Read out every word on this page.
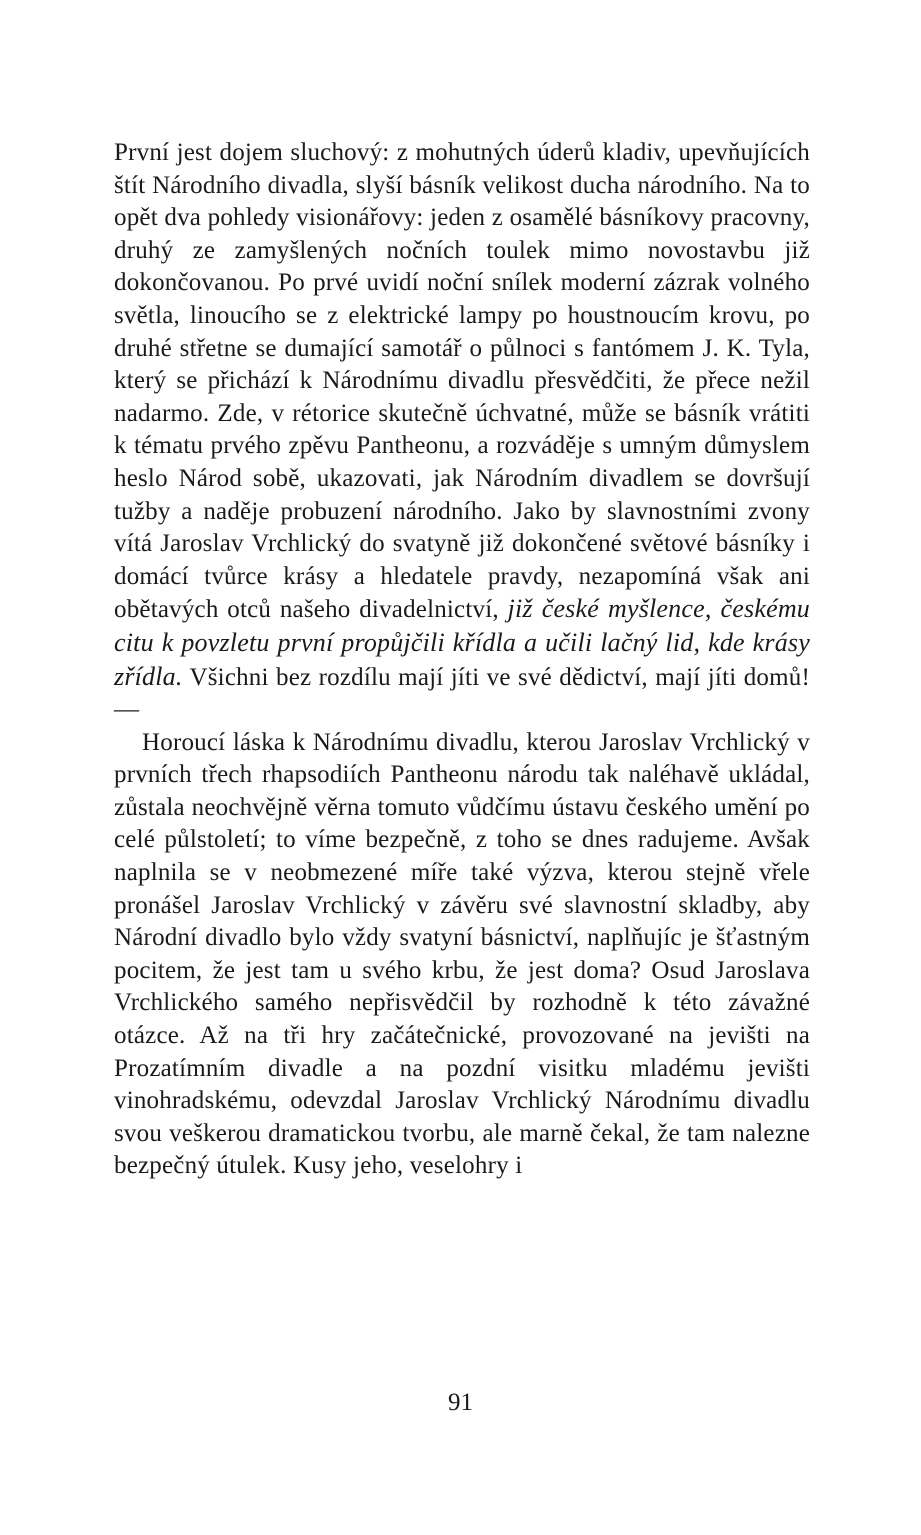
První jest dojem sluchový: z mohutných úderů kladiv, upevňujících štít Národního divadla, slyší básník velikost ducha národního. Na to opět dva pohledy visionářovy: jeden z osamělé básníkovy pracovny, druhý ze zamyšlených nočních toulek mimo novostavbu již dokončovanou. Po prvé uvidí noční snílek moderní zázrak volného světla, linoucího se z elektrické lampy po houstnoucím krovu, po druhé střetne se dumající samotář o půlnoci s fantómem J. K. Tyla, který se přichází k Národnímu divadlu přesvědčiti, že přece nežil nadarmo. Zde, v rétorice skutečně úchvatné, může se básník vrátiti k tématu prvého zpěvu Pantheonu, a rozváděje s umným důmyslem heslo Národ sobě, ukazovati, jak Národním divadlem se dovršují tužby a naděje probuzení národního. Jako by slavnostními zvony vítá Jaroslav Vrchlický do svatyně již dokončené světové básníky i domácí tvůrce krásy a hledatele pravdy, nezapomíná však ani obětavých otců našeho divadelnictví, již české myšlence, českému citu k povzletu první propůjčili křídla a učili lačný lid, kde krásy zřídla. Všichni bez rozdílu mají jíti ve své dědictví, mají jíti domů! —

Horoucí láska k Národnímu divadlu, kterou Jaroslav Vrchlický v prvních třech rhapsodiích Pantheonu národu tak naléhavě ukládal, zůstala neochvějně věrna tomuto vůdčímu ústavu českého umění po celé půlstoletí; to víme bezpečně, z toho se dnes radujeme. Avšak naplnila se v neobmezené míře také výzva, kterou stejně vřele pronášel Jaroslav Vrchlický v závěru své slavnostní skladby, aby Národní divadlo bylo vždy svatyní básnictví, naplňujíc je šťastným pocitem, že jest tam u svého krbu, že jest doma? Osud Jaroslava Vrchlického samého nepřisvědčil by rozhodně k této závažné otázce. Až na tři hry začátečnické, provozované na jevišti na Prozatímním divadle a na pozdní visitku mladému jevišti vinohradskému, odevzdal Jaroslav Vrchlický Národnímu divadlu svou veškerou dramatickou tvorbu, ale marně čekal, že tam nalezne bezpečný útulek. Kusy jeho, veselohry i

91
